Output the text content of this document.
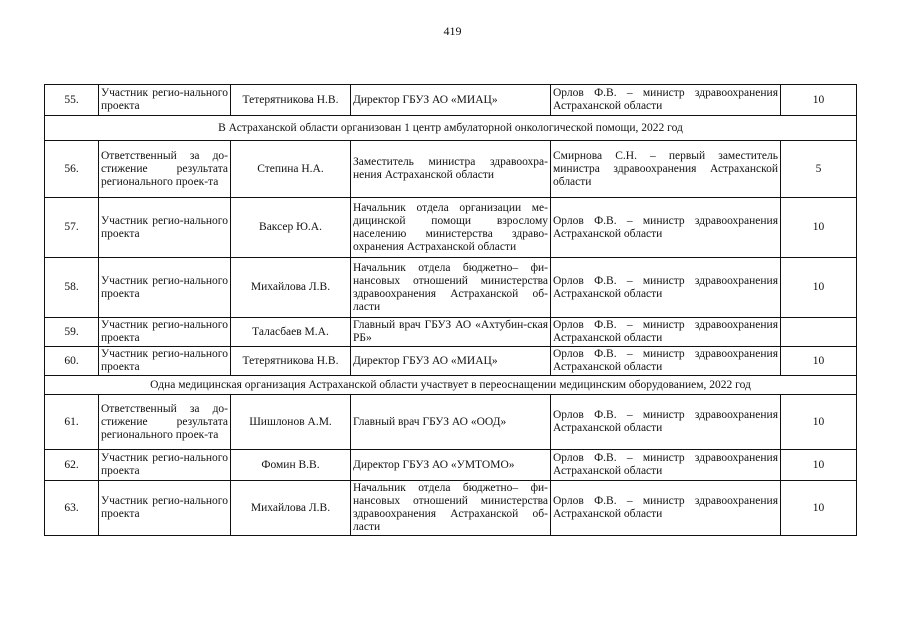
419
55.	Участник регио-нального проекта	Тетерятникова Н.В.	Директор ГБУЗ АО «МИАЦ»	Орлов Ф.В. – министр здравоохранения Астраханской области	10
В Астраханской области организован 1 центр амбулаторной онкологической помощи, 2022 год					
56.	Ответственный за до-стижение результата регионального проек-та	Степина Н.А.	Заместитель министра здравоохра-нения Астраханской области	Смирнова С.Н. – первый заместитель министра здравоохранения Астраханской области	5
57.	Участник регио-нального проекта	Ваксер Ю.А.	Начальник отдела организации ме-дицинской помощи взрослому населению министерства здраво-охранения Астраханской области	Орлов Ф.В. – министр здравоохранения Астраханской области	10
58.	Участник регио-нального проекта	Михайлова Л.В.	Начальник отдела бюджетно– фи-нансовых отношений министерства здравоохранения Астраханской об-ласти	Орлов Ф.В. – министр здравоохранения Астраханской области	10
59.	Участник регио-нального проекта	Таласбаев М.А.	Главный врач ГБУЗ АО «Ахтубин-ская РБ»	Орлов Ф.В. – министр здравоохранения Астраханской области	
60.	Участник регио-нального проекта	Тетерятникова Н.В.	Директор ГБУЗ АО «МИАЦ»	Орлов Ф.В. – министр здравоохранения Астраханской области	10
Одна медицинская организация Астраханской области участвует в переоснащении медицинским оборудованием, 2022 год					
61.	Ответственный за до-стижение результата регионального проек-та	Шишлонов А.М.	Главный врач ГБУЗ АО «ООД»	Орлов Ф.В. – министр здравоохранения Астраханской области	10
62.	Участник регио-нального проекта	Фомин В.В.	Директор ГБУЗ АО «УМТОМО»	Орлов Ф.В. – министр здравоохранения Астраханской области	10
63.	Участник регио-нального проекта	Михайлова Л.В.	Начальник отдела бюджетно– фи-нансовых отношений министерства здравоохранения Астраханской об-ласти	Орлов Ф.В. – министр здравоохранения Астраханской области	10
